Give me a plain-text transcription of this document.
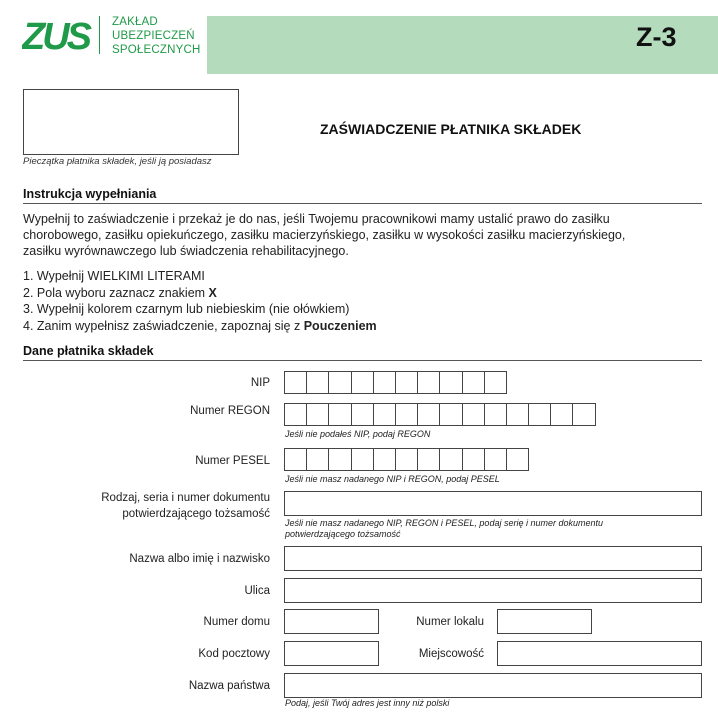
ZUS ZAKŁAD
UBEZPIECZEŃ
SPOŁECZNYCH	Z-3
Pieczątka płatnika składek, jeśli ją posiadasz
ZAŚWIADCZENIE PŁATNIKA SKŁADEK
Instrukcja wypełniania
Wypełnij to zaświadczenie i przekaż je do nas, jeśli Twojemu pracownikowi mamy ustalić prawo do zasiłku
chorobowego, zasiłku opiekuńczego, zasiłku macierzyńskiego, zasiłku w wysokości zasiłku macierzyńskiego,
zasiłku wyrównawczego lub świadczenia rehabilitacyjnego.
1. Wypełnij WIELKIMI LITERAMI
2. Pola wyboru zaznacz znakiem X
3. Wypełnij kolorem czarnym lub niebieskim (nie ołówkiem)
4. Zanim wypełnisz zaświadczenie, zapoznaj się z Pouczeniem
Dane płatnika składek
NIP
Numer REGON
Jeśli nie podałeś NIP, podaj REGON
Numer PESEL
Jeśli nie masz nadanego NIP i REGON, podaj PESEL
Rodzaj, seria i numer dokumentu
potwierdzającego tożsamość
Jeśli nie masz nadanego NIP, REGON i PESEL, podaj serię i numer dokumentu
potwierdzającego tożsamość
Nazwa albo imię i nazwisko
Ulica
Numer domu	Numer lokalu
Kod pocztowy	Miejscowość
Nazwa państwa
Podaj, jeśli Twój adres jest inny niż polski
